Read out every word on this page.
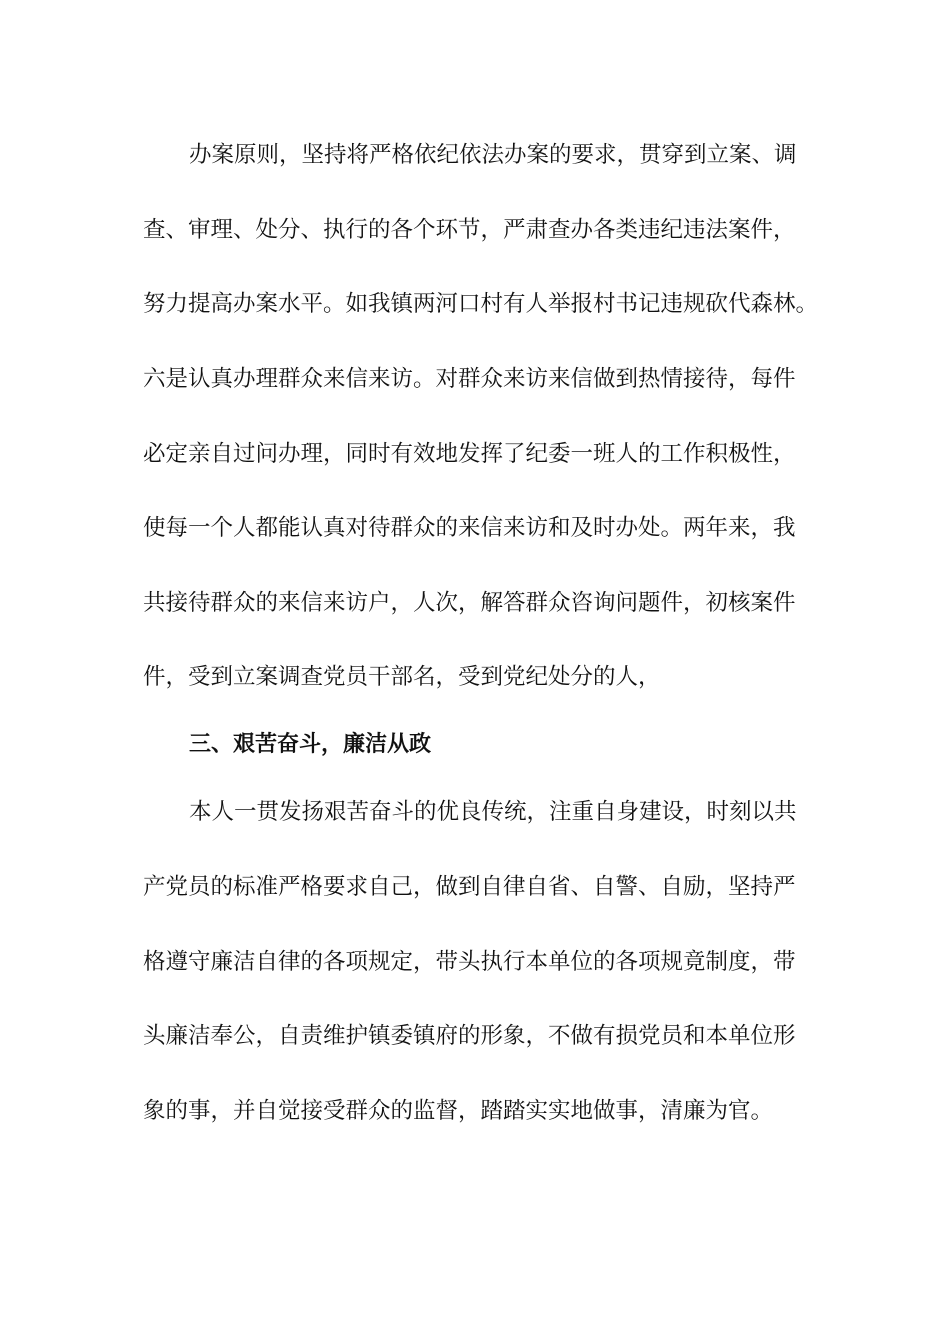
办案原则，坚持将严格依纪依法办案的要求，贯穿到立案、调
查、审理、处分、执行的各个环节，严肃查办各类违纪违法案件，
努力提高办案水平。如我镇两河口村有人举报村书记违规砍代森林。
六是认真办理群众来信来访。对群众来访来信做到热情接待，每件
必定亲自过问办理，同时有效地发挥了纪委一班人的工作积极性，
使每一个人都能认真对待群众的来信来访和及时办处。两年来，我
共接待群众的来信来访户，人次，解答群众咨询问题件，初核案件
件，受到立案调查党员干部名，受到党纪处分的人，
三、艰苦奋斗，廉洁从政
本人一贯发扬艰苦奋斗的优良传统，注重自身建设，时刻以共
产党员的标准严格要求自己，做到自律自省、自警、自励，坚持严
格遵守廉洁自律的各项规定，带头执行本单位的各项规竟制度，带
头廉洁奉公，自责维护镇委镇府的形象，不做有损党员和本单位形
象的事，并自觉接受群众的监督，踏踏实实地做事，清廉为官。
